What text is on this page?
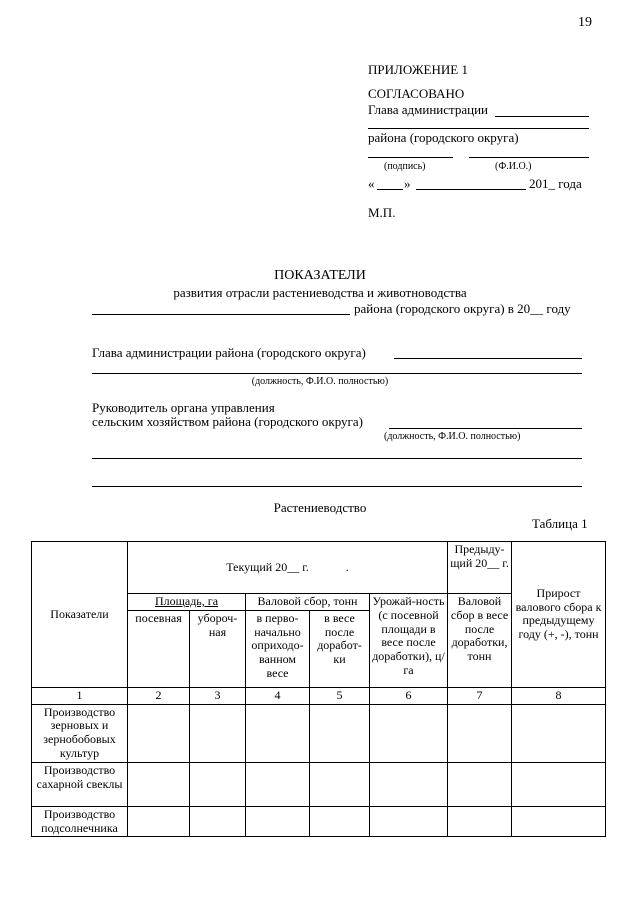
19
ПРИЛОЖЕНИЕ 1
СОГЛАСОВАНО
Глава администрации
района (городского округа)
(подпись)	(Ф.И.О.)
« »	201_ года
М.П.
ПОКАЗАТЕЛИ
развития отрасли растениеводства и животноводства
района (городского округа) в 20__ году
Глава администрации района (городского округа)
(должность, Ф.И.О. полностью)
Руководитель органа управления
сельским хозяйством района (городского округа)
(должность, Ф.И.О. полностью)
Растениеводство
Таблица 1
Показатели	Текущий 20__ г. .					Предыду-щий 20__ г.	Прирост валового сбора к предыдущему году (+, -), тонн
	Площадь, га		Валовой сбор, тонн		Урожай-ность (с посевной площади в весе после доработки), ц/га	Валовой сбор в весе после доработки, тонн	
	посевная	убороч-ная	в перво-начально оприходо-ванном весе	в весе после доработ-ки			
1	2	3	4	5	6	7	8
Производство зерновых и зернобобовых культур							
Производство сахарной свеклы							
Производство подсолнечника							
